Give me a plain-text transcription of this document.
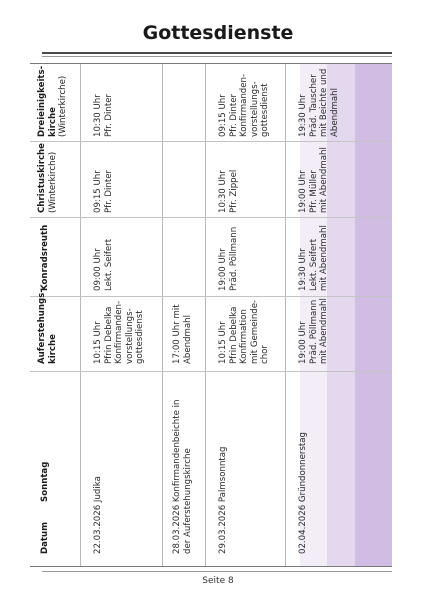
Gottesdienste
Datum
Sonntag
Auferstehungs- kirche
Konradsreuth
Christuskirche (Winterkirche)
Dreieinigkeits- kirche (Winterkirche)
22.03.2026 Judika
10:15 Uhr Pfrin Debelka Konfirmanden- vorstellungs- gottesdienst
09:00 Uhr Lekt. Seifert
09:15 Uhr Pfr. Dinter
10:30 Uhr Pfr. Dinter
28.03.2026 Konfirmandenbeichte in der Auferstehungskirche
17:00 Uhr mit Abendmahl
29.03.2026 Palmsonntag
10:15 Uhr Pfrin Debelka Konfirmation mit Gemeinde- chor
19:00 Uhr Präd. Pöllmann
10:30 Uhr Pfr. Zippel
09:15 Uhr Pfr. Dinter Konfirmanden- vorstellungs- gottesdienst
02.04.2026 Gründonnerstag
19:00 Uhr Präd. Pöllmann mit Abendmahl
19:30 Uhr Lekt. Seifert mit Abendmahl
19:00 Uhr Pfr. Müller mit Abendmahl
19:30 Uhr Präd. Tauscher mit Beichte und Abendmahl
Seite 8
